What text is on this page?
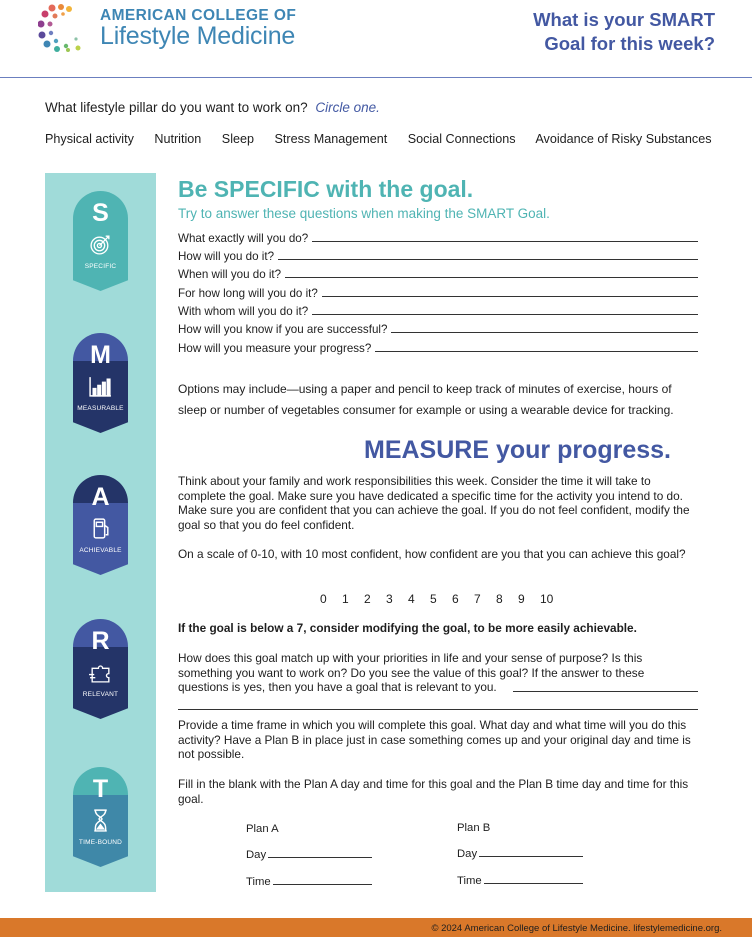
AMERICAN COLLEGE OF
Lifestyle Medicine
What is your SMART
Goal for this week?
What lifestyle pillar do you want to work on? Circle one.
Physical activity Nutrition Sleep Stress Management Social Connections Avoidance of Risky Substances
S
SPECIFIC
M
MEASURABLE
A
ACHIEVABLE
R
RELEVANT
T
TIME-BOUND
Be SPECIFIC with the goal.
Try to answer these questions when making the SMART Goal.
What exactly will you do?
How will you do it?
When will you do it?
For how long will you do it?
With whom will you do it?
How will you know if you are successful?
How will you measure your progress?
Options may include—using a paper and pencil to keep track of minutes of exercise, hours of sleep or number of vegetables consumer for example or using a wearable device for tracking.
MEASURE your progress.
Think about your family and work responsibilities this week. Consider the time it will take to complete the goal. Make sure you have dedicated a specific time for the activity you intend to do. Make sure you are confident that you can achieve the goal. If you do not feel confident, modify the goal so that you do feel confident.
On a scale of 0-10, with 10 most confident, how confident are you that you can achieve this goal?
0 1 2 3 4 5 6 7 8 9 10
If the goal is below a 7, consider modifying the goal, to be more easily achievable.
How does this goal match up with your priorities in life and your sense of purpose? Is this something you want to work on? Do you see the value of this goal? If the answer to these questions is yes, then you have a goal that is relevant to you.
Provide a time frame in which you will complete this goal. What day and what time will you do this activity? Have a Plan B in place just in case something comes up and your original day and time is not possible.
Fill in the blank with the Plan A day and time for this goal and the Plan B time day and time for this goal.
Plan A
Day
Time
Plan B
Day
Time
© 2024 American College of Lifestyle Medicine. lifestylemedicine.org.
